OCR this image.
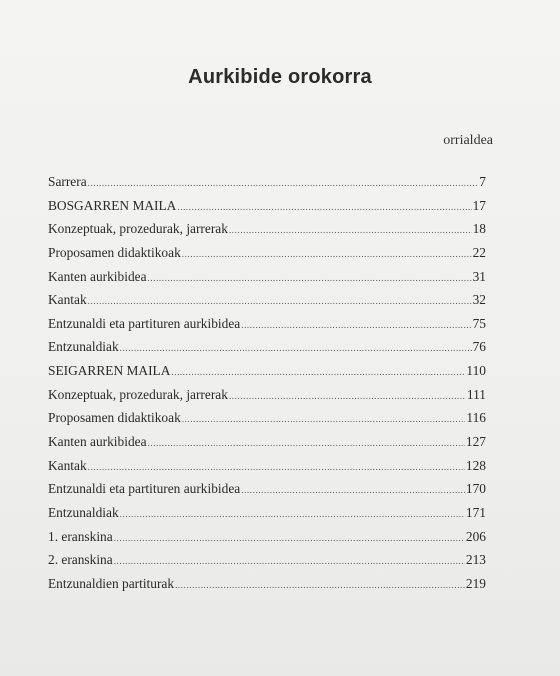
Aurkibide orokorra
orrialdea
Sarrera .....	7
BOSGARREN MAILA .....	17
Konzeptuak, prozedurak, jarrerak .....	18
Proposamen didaktikoak .....	22
Kanten aurkibidea .....	31
Kantak .....	32
Entzunaldi eta partituren aurkibidea .....	75
Entzunaldiak .....	76
SEIGARREN MAILA .....	110
Konzeptuak, prozedurak, jarrerak .....	111
Proposamen didaktikoak .....	116
Kanten aurkibidea .....	127
Kantak .....	128
Entzunaldi eta partituren aurkibidea .....	170
Entzunaldiak .....	171
1. eranskina .....	206
2. eranskina .....	213
Entzunaldien partiturak .....	219
